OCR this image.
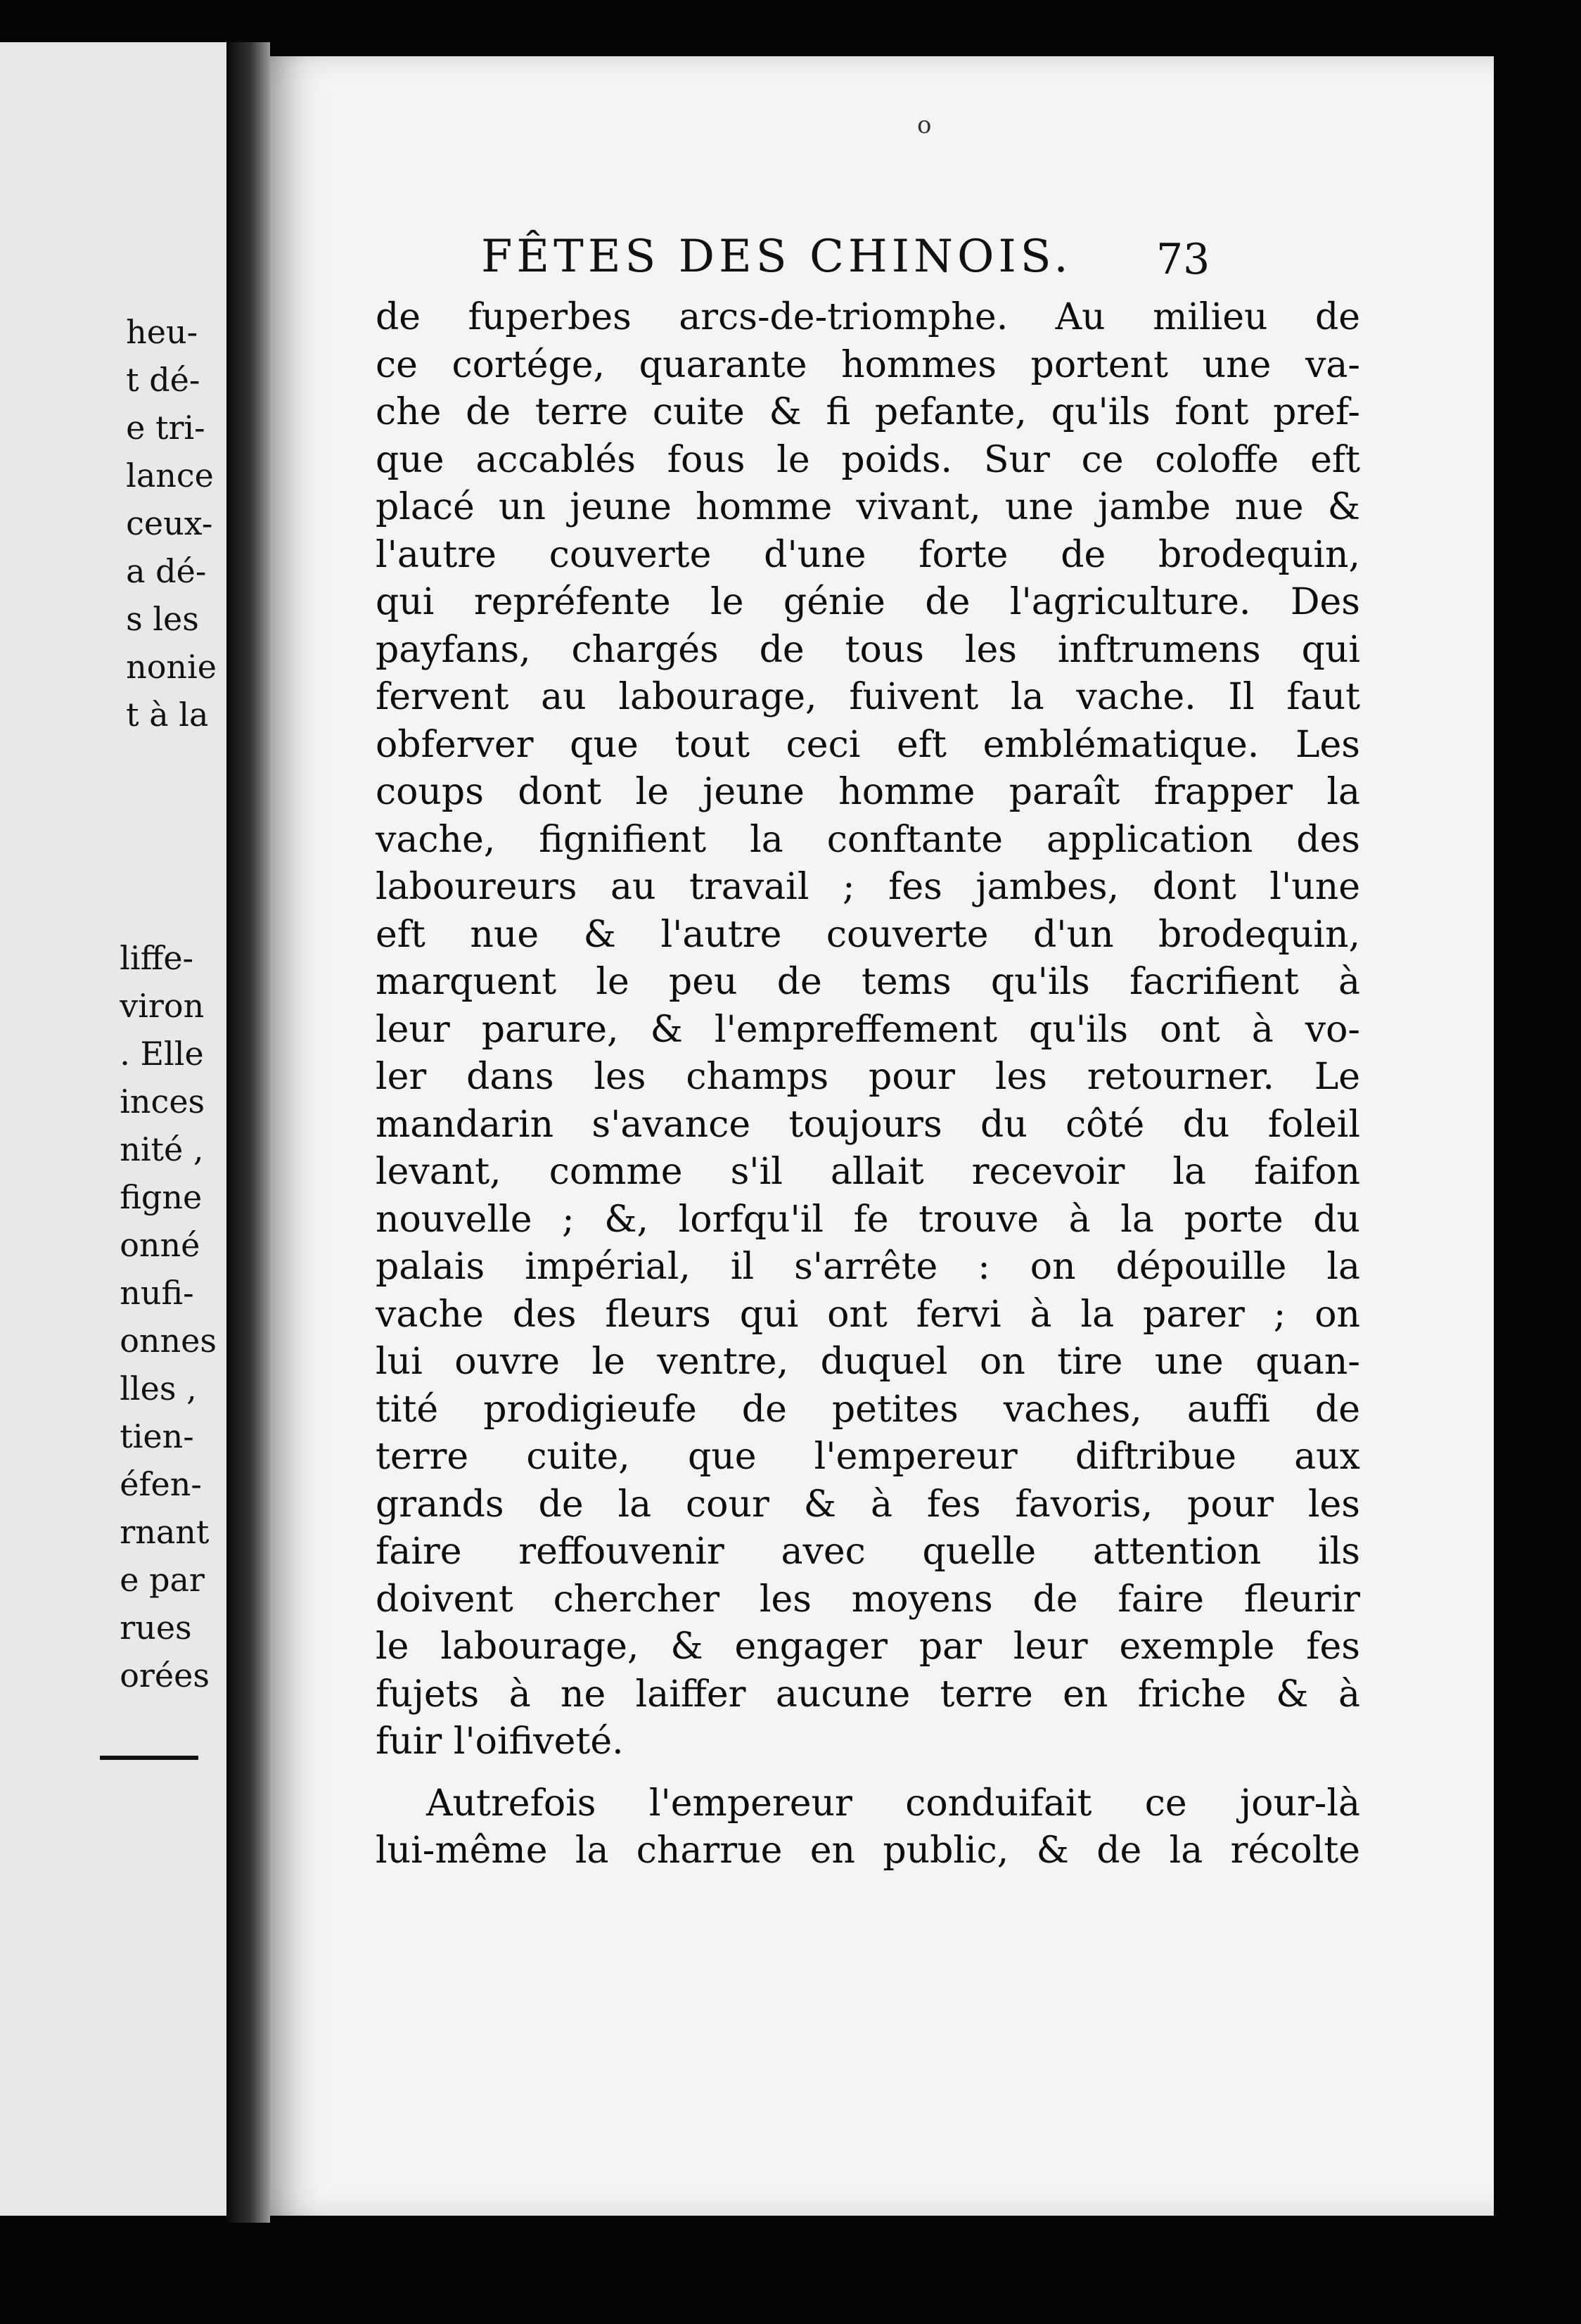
heu-
t dé-
e tri-
lance
ceux-
a dé-
s les
nonie
t à la
liffe-
viron
. Elle
inces
nité ,
figne
onné
nufi-
onnes
lles ,
tien-
éfen-
rnant
e par
rues
orées
o
FÊTES DES CHINOIS. 73
de fuperbes arcs-de-triomphe. Au milieu de
ce cortége, quarante hommes portent une va-
che de terre cuite & fi pefante, qu'ils font pref-
que accablés fous le poids. Sur ce coloffe eft
placé un jeune homme vivant, une jambe nue &
l'autre couverte d'une forte de brodequin,
qui repréfente le génie de l'agriculture. Des
payfans, chargés de tous les inftrumens qui
fervent au labourage, fuivent la vache. Il faut
obferver que tout ceci eft emblématique. Les
coups dont le jeune homme paraît frapper la
vache, fignifient la conftante application des
laboureurs au travail ; fes jambes, dont l'une
eft nue & l'autre couverte d'un brodequin,
marquent le peu de tems qu'ils facrifient à
leur parure, & l'empreffement qu'ils ont à vo-
ler dans les champs pour les retourner. Le
mandarin s'avance toujours du côté du foleil
levant, comme s'il allait recevoir la faifon
nouvelle ; &, lorfqu'il fe trouve à la porte du
palais impérial, il s'arrête : on dépouille la
vache des fleurs qui ont fervi à la parer ; on
lui ouvre le ventre, duquel on tire une quan-
tité prodigieufe de petites vaches, auffi de
terre cuite, que l'empereur diftribue aux
grands de la cour & à fes favoris, pour les
faire reffouvenir avec quelle attention ils
doivent chercher les moyens de faire fleurir
le labourage, & engager par leur exemple fes
fujets à ne laiffer aucune terre en friche & à
fuir l'oifiveté.
Autrefois l'empereur conduifait ce jour-là
lui-même la charrue en public, & de la récolte
